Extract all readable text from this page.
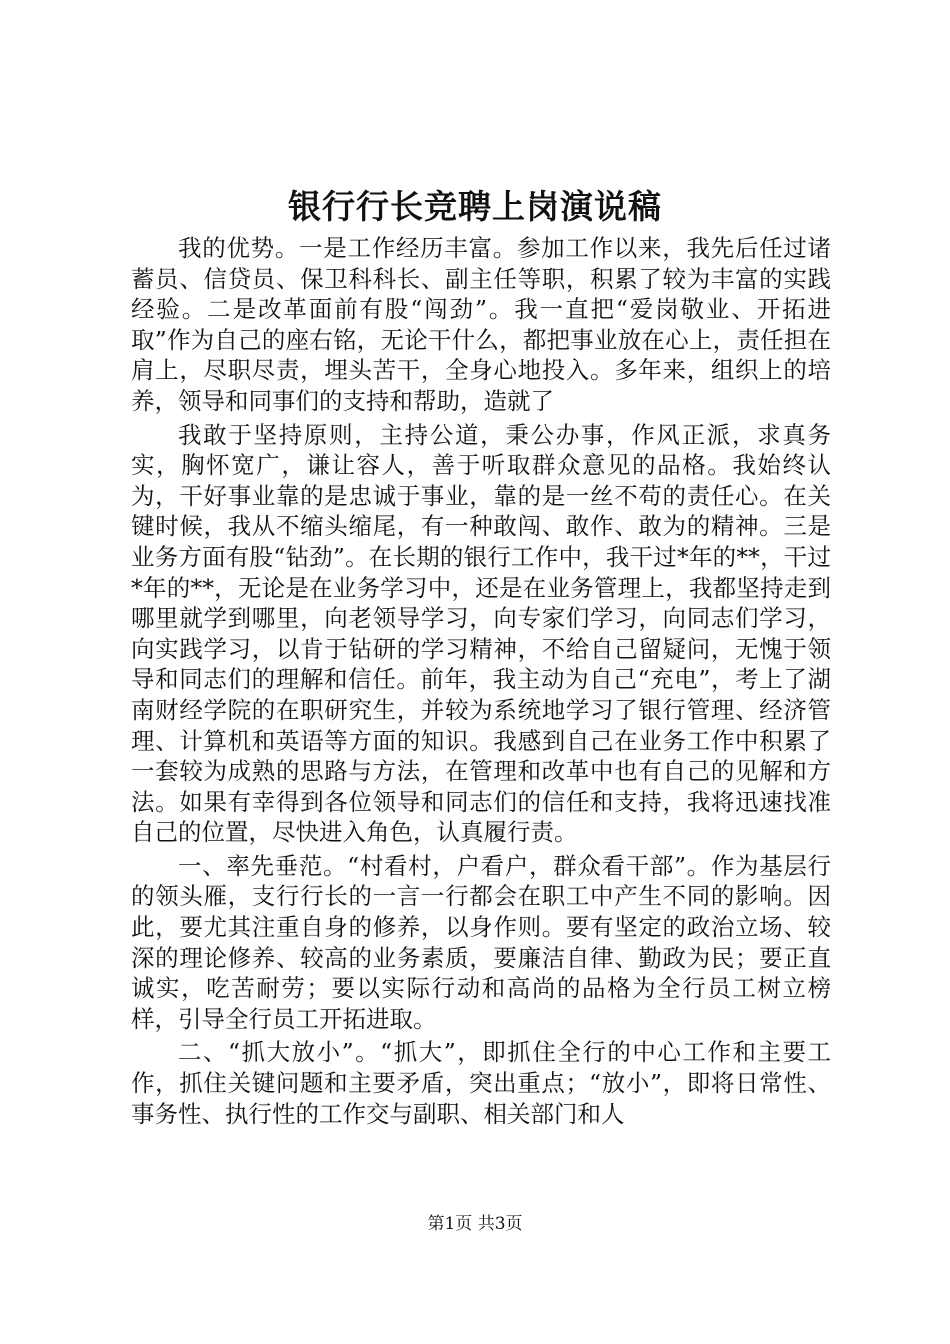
银行行长竞聘上岗演说稿

我的优势。一是工作经历丰富。参加工作以来，我先后任过诸蓄员、信贷员、保卫科科长、副主任等职，积累了较为丰富的实践经验。二是改革面前有股“闯劲”。我一直把“爱岗敬业、开拓进取”作为自己的座右铭，无论干什么，都把事业放在心上，责任担在肩上，尽职尽责，埋头苦干，全身心地投入。多年来，组织上的培养，领导和同事们的支持和帮助，造就了

我敢于坚持原则，主持公道，秉公办事，作风正派，求真务实，胸怀宽广，谦让容人，善于听取群众意见的品格。我始终认为，干好事业靠的是忠诚于事业，靠的是一丝不苟的责任心。在关键时候，我从不缩头缩尾，有一种敢闯、敢作、敢为的精神。三是业务方面有股“钻劲”。在长期的银行工作中，我干过*年的**，干过*年的**，无论是在业务学习中，还是在业务管理上，我都坚持走到哪里就学到哪里，向老领导学习，向专家们学习，向同志们学习，向实践学习，以肯于钻研的学习精神，不给自己留疑问，无愧于领导和同志们的理解和信任。前年，我主动为自己“充电”，考上了湖南财经学院的在职研究生，并较为系统地学习了银行管理、经济管理、计算机和英语等方面的知识。我感到自己在业务工作中积累了一套较为成熟的思路与方法，在管理和改革中也有自己的见解和方法。如果有幸得到各位领导和同志们的信任和支持，我将迅速找准自己的位置，尽快进入角色，认真履行责。

一、率先垂范。“村看村，户看户，群众看干部”。作为基层行的领头雁，支行行长的一言一行都会在职工中产生不同的影响。因此，要尤其注重自身的修养，以身作则。要有坚定的政治立场、较深的理论修养、较高的业务素质，要廉洁自律、勤政为民；要正直诚实，吃苦耐劳；要以实际行动和高尚的品格为全行员工树立榜样，引导全行员工开拓进取。

二、“抓大放小”。“抓大”，即抓住全行的中心工作和主要工作，抓住关键问题和主要矛盾，突出重点；“放小”，即将日常性、事务性、执行性的工作交与副职、相关部门和人

第1页 共3页
